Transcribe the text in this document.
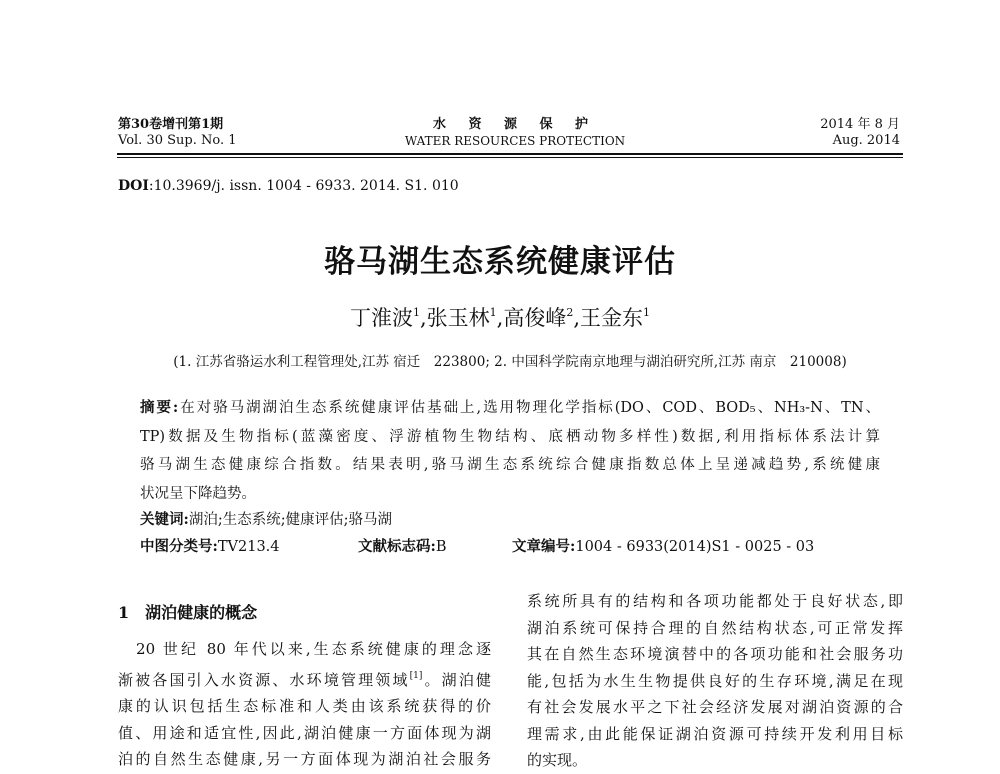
第30卷增刊第1期
Vol. 30 Sup. No. 1
水 资 源 保 护
WATER RESOURCES PROTECTION
2014 年 8 月
Aug. 2014
DOI:10.3969/j. issn. 1004 - 6933. 2014. S1. 010
骆马湖生态系统健康评估
丁淮波$^1$,张玉林$^1$,高俊峰$^2$,王金东$^1$
(1. 江苏省骆运水利工程管理处,江苏 宿迁　223800; 2. 中国科学院南京地理与湖泊研究所,江苏 南京　210008)
摘要:在对骆马湖湖泊生态系统健康评估基础上,选用物理化学指标(DO、COD、BOD₅、NH₃-N、TN、
TP)数据及生物指标(蓝藻密度、浮游植物生物结构、底栖动物多样性)数据,利用指标体系法计算
骆马湖生态健康综合指数。结果表明,骆马湖生态系统综合健康指数总体上呈递减趋势,系统健康
状况呈下降趋势。
关键词:湖泊;生态系统;健康评估;骆马湖
中图分类号:TV213.4	文献标志码:B	文章编号:1004 - 6933(2014)S1 - 0025 - 03
1　湖泊健康的概念
　20 世纪 80 年代以来,生态系统健康的理念逐
渐被各国引入水资源、水环境管理领域[1]。湖泊健
康的认识包括生态标准和人类由该系统获得的价
值、用途和适宜性,因此,湖泊健康一方面体现为湖
泊的自然生态健康,另一方面体现为湖泊社会服务
系统所具有的结构和各项功能都处于良好状态,即
湖泊系统可保持合理的自然结构状态,可正常发挥
其在自然生态环境演替中的各项功能和社会服务功
能,包括为水生生物提供良好的生存环境,满足在现
有社会发展水平之下社会经济发展对湖泊资源的合
理需求,由此能保证湖泊资源可持续开发利用目标
的实现。
